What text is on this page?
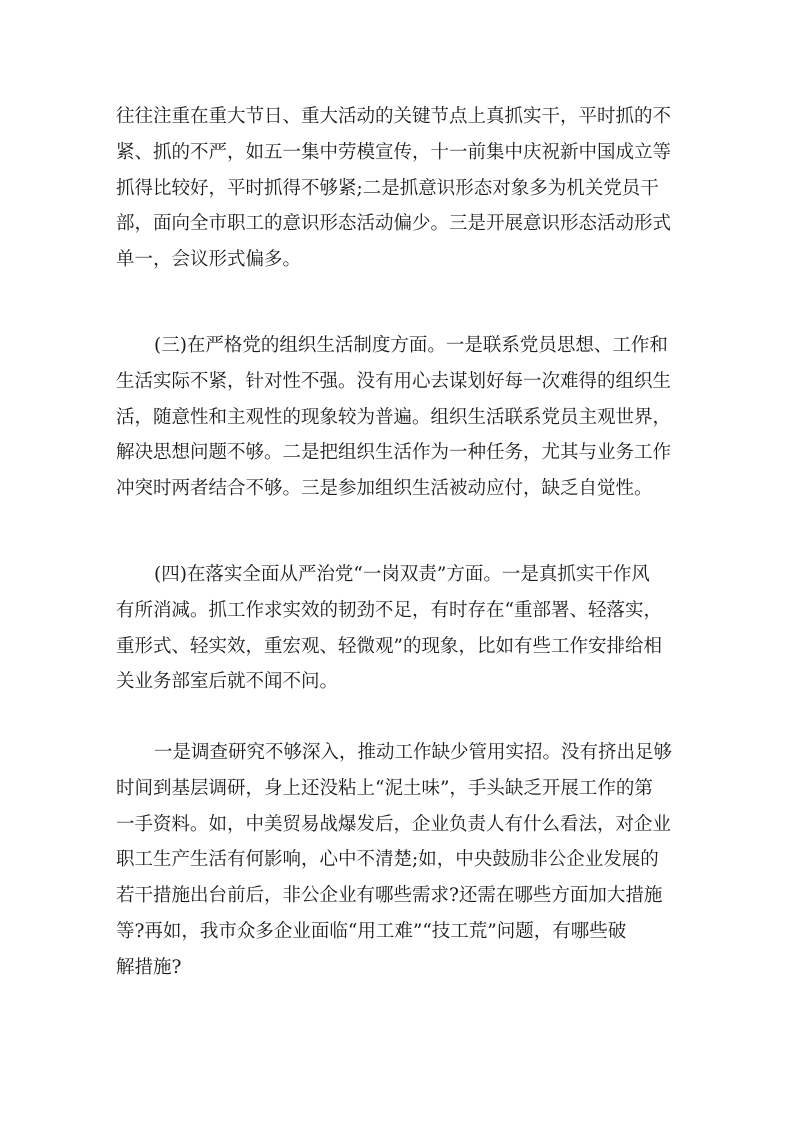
往往注重在重大节日、重大活动的关键节点上真抓实干，平时抓的不
紧、抓的不严，如五一集中劳模宣传，十一前集中庆祝新中国成立等
抓得比较好，平时抓得不够紧;二是抓意识形态对象多为机关党员干
部，面向全市职工的意识形态活动偏少。三是开展意识形态活动形式
单一，会议形式偏多。
(三)在严格党的组织生活制度方面。一是联系党员思想、工作和
生活实际不紧，针对性不强。没有用心去谋划好每一次难得的组织生
活，随意性和主观性的现象较为普遍。组织生活联系党员主观世界，
解决思想问题不够。二是把组织生活作为一种任务，尤其与业务工作
冲突时两者结合不够。三是参加组织生活被动应付，缺乏自觉性。
(四)在落实全面从严治党“一岗双责”方面。一是真抓实干作风
有所消减。抓工作求实效的韧劲不足，有时存在“重部署、轻落实，
重形式、轻实效，重宏观、轻微观”的现象，比如有些工作安排给相
关业务部室后就不闻不问。
一是调查研究不够深入，推动工作缺少管用实招。没有挤出足够
时间到基层调研，身上还没粘上“泥土味”，手头缺乏开展工作的第
一手资料。如，中美贸易战爆发后，企业负责人有什么看法，对企业
职工生产生活有何影响，心中不清楚;如，中央鼓励非公企业发展的
若干措施出台前后，非公企业有哪些需求?还需在哪些方面加大措施
等?再如，我市众多企业面临“用工难”“技工荒”问题，有哪些破
解措施?
